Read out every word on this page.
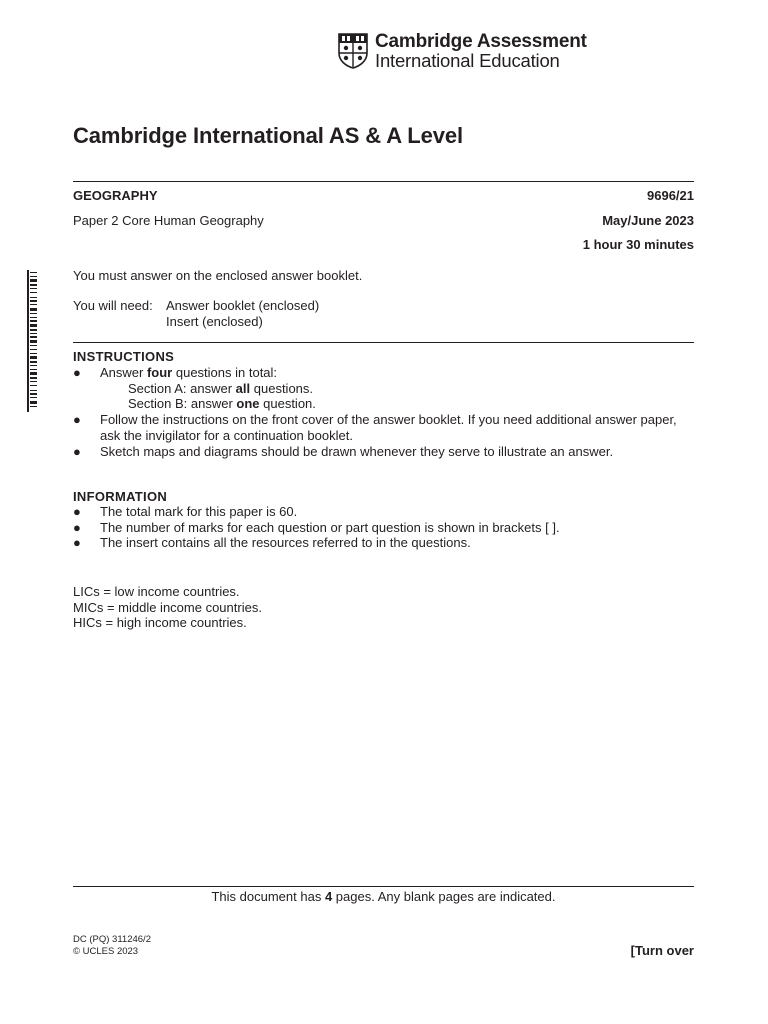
Cambridge Assessment
International Education
Cambridge International AS & A Level
GEOGRAPHY	9696/21
Paper 2 Core Human Geography	May/June 2023
1 hour 30 minutes
You must answer on the enclosed answer booklet.
You will need: Answer booklet (enclosed)
Insert (enclosed)
INSTRUCTIONS
● Answer four questions in total:
Section A: answer all questions.
Section B: answer one question.
● Follow the instructions on the front cover of the answer booklet. If you need additional answer paper, ask the invigilator for a continuation booklet.
● Sketch maps and diagrams should be drawn whenever they serve to illustrate an answer.
INFORMATION
● The total mark for this paper is 60.
● The number of marks for each question or part question is shown in brackets [ ].
● The insert contains all the resources referred to in the questions.
LICs = low income countries.
MICs = middle income countries.
HICs = high income countries.
This document has 4 pages. Any blank pages are indicated.
DC (PQ) 311246/2
© UCLES 2023	[Turn over
